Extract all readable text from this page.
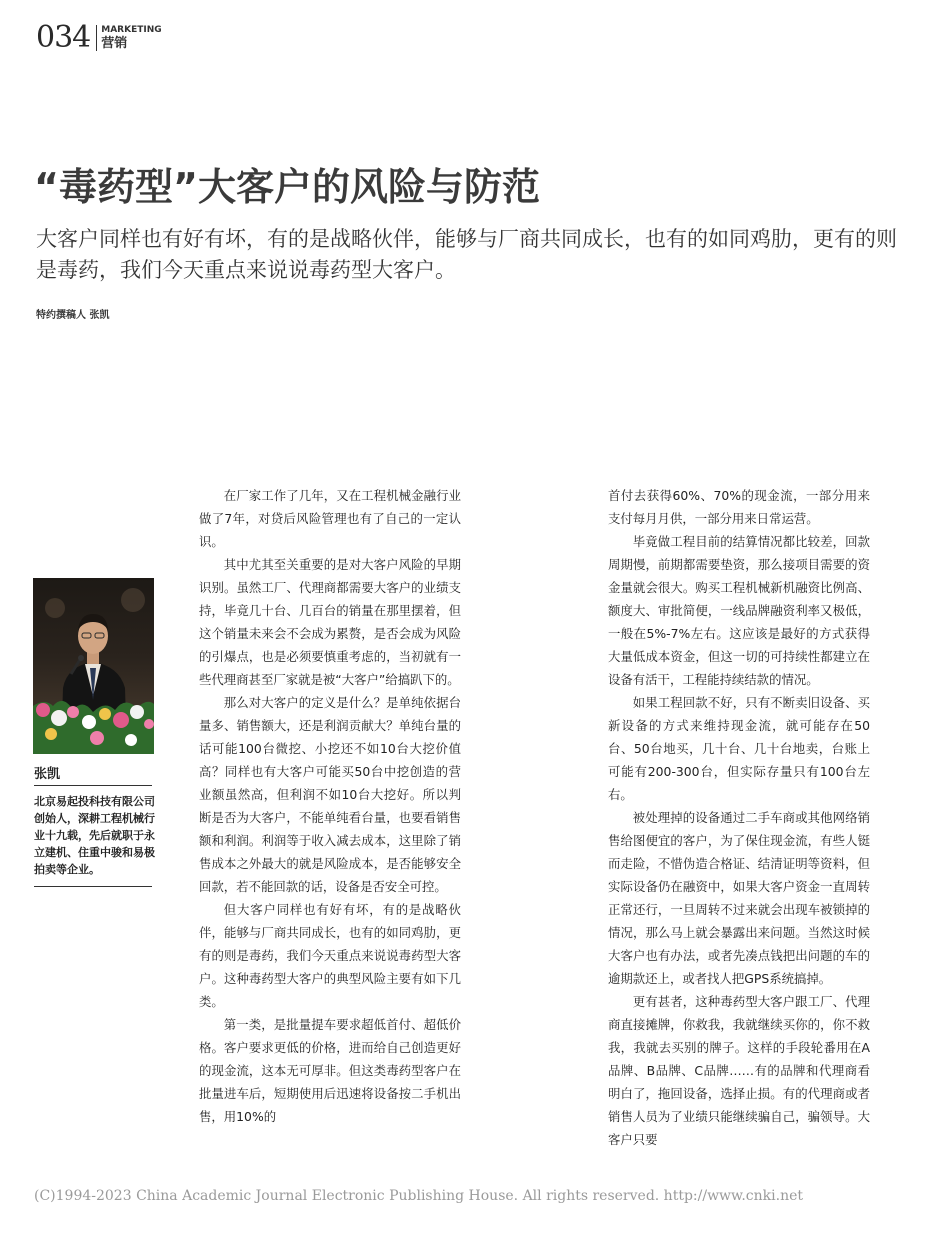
034 MARKETING
营销
“毒药型”大客户的风险与防范
大客户同样也有好有坏，有的是战略伙伴，能够与厂商共同成长，也有的如同鸡肋，更有的则是毒药，我们今天重点来说说毒药型大客户。
特约撰稿人 张凯
张凯
北京易起投科技有限公司创始人，深耕工程机械行业十九载，先后就职于永立建机、住重中骏和易极拍卖等企业。

在厂家工作了几年，又在工程机械金融行业做了7年，对贷后风险管理也有了自己的一定认识。

其中尤其至关重要的是对大客户风险的早期识别。虽然工厂、代理商都需要大客户的业绩支持，毕竟几十台、几百台的销量在那里摆着，但这个销量未来会不会成为累赘，是否会成为风险的引爆点，也是必须要慎重考虑的，当初就有一些代理商甚至厂家就是被“大客户”给搞趴下的。

那么对大客户的定义是什么？是单纯依据台量多、销售额大，还是利润贡献大？单纯台量的话可能100台微挖、小挖还不如10台大挖价值高？同样也有大客户可能买50台中挖创造的营业额虽然高，但利润不如10台大挖好。所以判断是否为大客户，不能单纯看台量，也要看销售额和利润。利润等于收入减去成本，这里除了销售成本之外最大的就是风险成本，是否能够安全回款，若不能回款的话，设备是否安全可控。

但大客户同样也有好有坏，有的是战略伙伴，能够与厂商共同成长，也有的如同鸡肋，更有的则是毒药，我们今天重点来说说毒药型大客户。这种毒药型大客户的典型风险主要有如下几类。

第一类，是批量提车要求超低首付、超低价格。客户要求更低的价格，进而给自己创造更好的现金流，这本无可厚非。但这类毒药型客户在批量进车后，短期使用后迅速将设备按二手机出售，用10%的

首付去获得60%、70%的现金流，一部分用来支付每月月供，一部分用来日常运营。

毕竟做工程目前的结算情况都比较差，回款周期慢，前期都需要垫资，那么接项目需要的资金量就会很大。购买工程机械新机融资比例高、额度大、审批简便，一线品牌融资利率又极低，一般在5%-7%左右。这应该是最好的方式获得大量低成本资金，但这一切的可持续性都建立在设备有活干，工程能持续结款的情况。

如果工程回款不好，只有不断卖旧设备、买新设备的方式来维持现金流，就可能存在50台、50台地买，几十台、几十台地卖，台账上可能有200-300台，但实际存量只有100台左右。

被处理掉的设备通过二手车商或其他网络销售给图便宜的客户，为了保住现金流，有些人铤而走险，不惜伪造合格证、结清证明等资料，但实际设备仍在融资中，如果大客户资金一直周转正常还行，一旦周转不过来就会出现车被锁掉的情况，那么马上就会暴露出来问题。当然这时候大客户也有办法，或者先凑点钱把出问题的车的逾期款还上，或者找人把GPS系统搞掉。

更有甚者，这种毒药型大客户跟工厂、代理商直接摊牌，你救我，我就继续买你的，你不救我，我就去买别的牌子。这样的手段轮番用在A品牌、B品牌、C品牌……有的品牌和代理商看明白了，拖回设备，选择止损。有的代理商或者销售人员为了业绩只能继续骗自己，骗领导。大客户只要

(C)1994-2023 China Academic Journal Electronic Publishing House. All rights reserved. http://www.cnki.net
